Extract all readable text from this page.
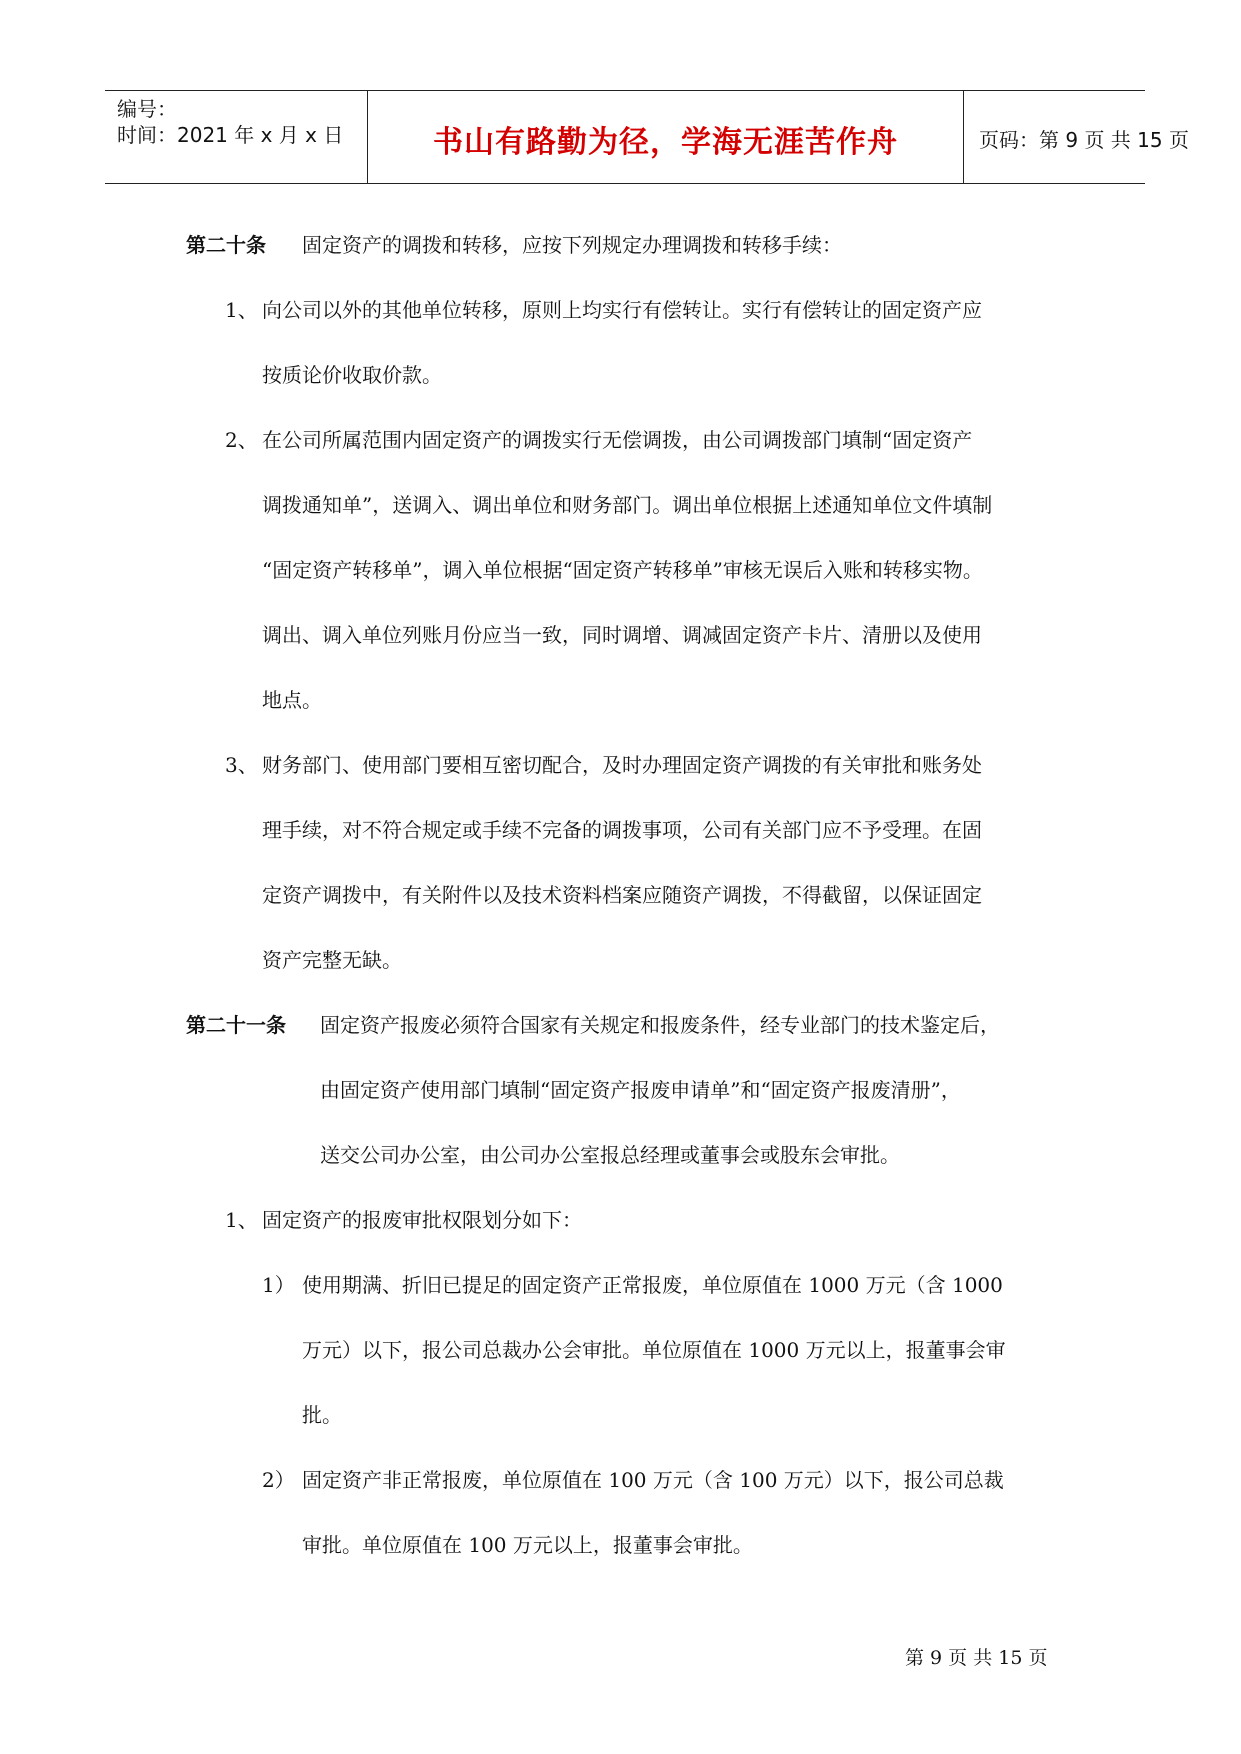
编号：
时间：2021 年 x 月 x 日	书山有路勤为径，学海无涯苦作舟	页码：第 9 页 共 15 页
第二十条 固定资产的调拨和转移，应按下列规定办理调拨和转移手续：
1、 向公司以外的其他单位转移，原则上均实行有偿转让。实行有偿转让的固定资产应
按质论价收取价款。
2、 在公司所属范围内固定资产的调拨实行无偿调拨，由公司调拨部门填制“固定资产
调拨通知单”，送调入、调出单位和财务部门。调出单位根据上述通知单位文件填制
“固定资产转移单”，调入单位根据“固定资产转移单”审核无误后入账和转移实物。
调出、调入单位列账月份应当一致，同时调增、调减固定资产卡片、清册以及使用
地点。
3、 财务部门、使用部门要相互密切配合，及时办理固定资产调拨的有关审批和账务处
理手续，对不符合规定或手续不完备的调拨事项，公司有关部门应不予受理。在固
定资产调拨中，有关附件以及技术资料档案应随资产调拨，不得截留，以保证固定
资产完整无缺。
第二十一条 固定资产报废必须符合国家有关规定和报废条件，经专业部门的技术鉴定后，
由固定资产使用部门填制“固定资产报废申请单”和“固定资产报废清册”，
送交公司办公室，由公司办公室报总经理或董事会或股东会审批。
1、 固定资产的报废审批权限划分如下：
1） 使用期满、折旧已提足的固定资产正常报废，单位原值在 1000 万元（含 1000
万元）以下，报公司总裁办公会审批。单位原值在 1000 万元以上，报董事会审
批。
2） 固定资产非正常报废，单位原值在 100 万元（含 100 万元）以下，报公司总裁
审批。单位原值在 100 万元以上，报董事会审批。
第 9 页 共 15 页
